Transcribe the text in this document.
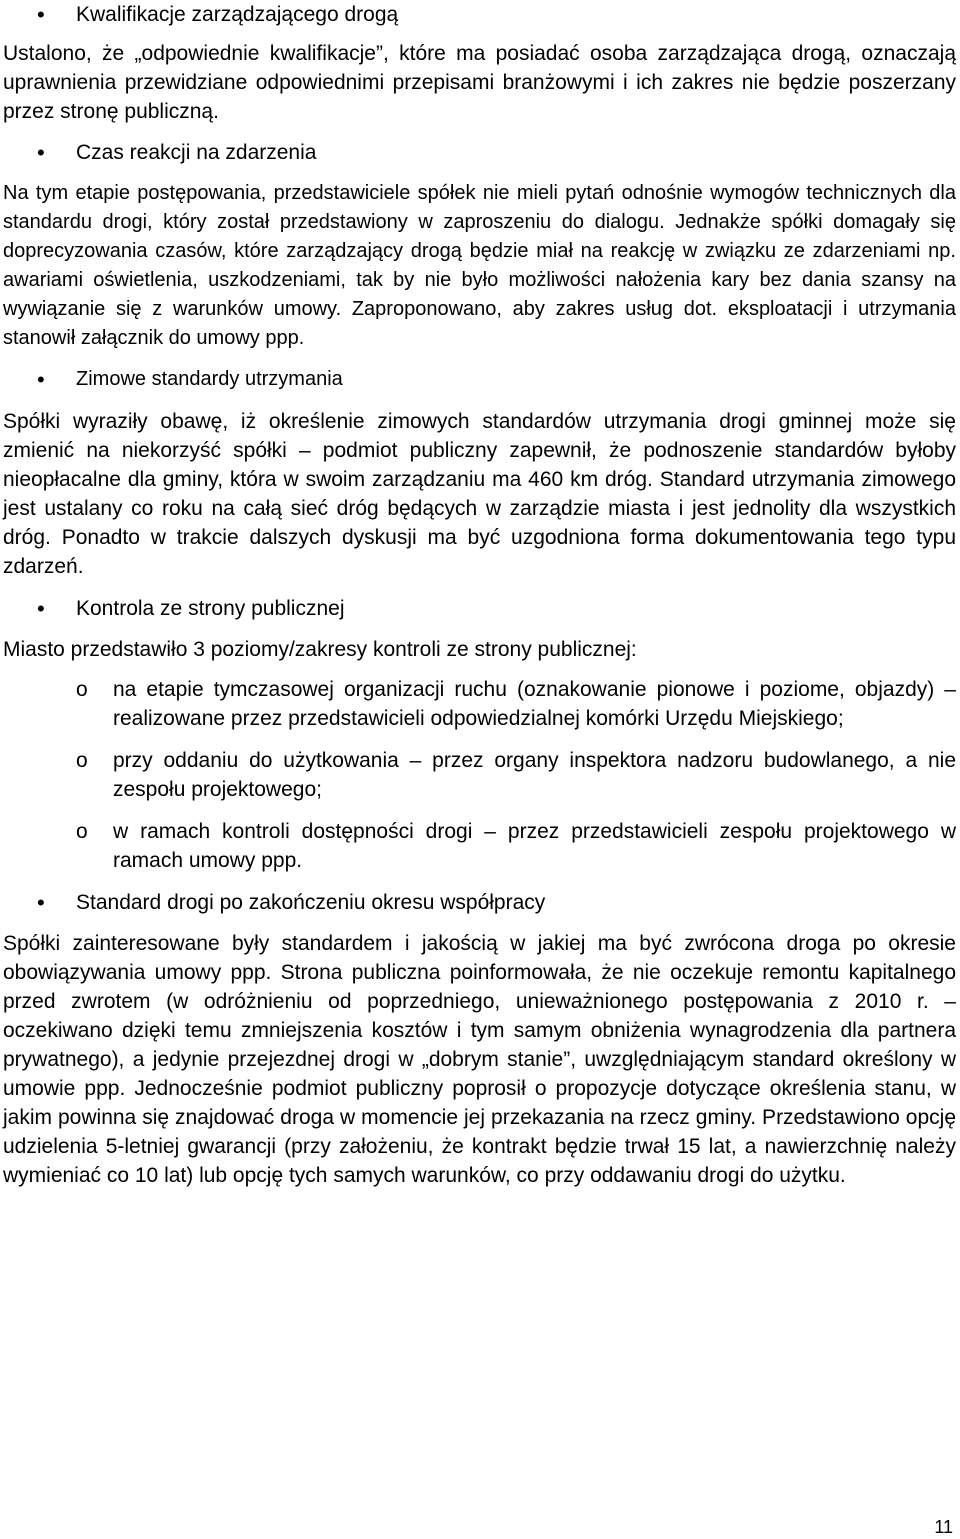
• Kwalifikacje zarządzającego drogą

Ustalono, że „odpowiednie kwalifikacje”, które ma posiadać osoba zarządzająca drogą, oznaczają uprawnienia przewidziane odpowiednimi przepisami branżowymi i ich zakres nie będzie poszerzany przez stronę publiczną.

• Czas reakcji na zdarzenia

Na tym etapie postępowania, przedstawiciele spółek nie mieli pytań odnośnie wymogów technicznych dla standardu drogi, który został przedstawiony w zaproszeniu do dialogu. Jednakże spółki domagały się doprecyzowania czasów, które zarządzający drogą będzie miał na reakcję w związku ze zdarzeniami np. awariami oświetlenia, uszkodzeniami, tak by nie było możliwości nałożenia kary bez dania szansy na wywiązanie się z warunków umowy. Zaproponowano, aby zakres usług dot. eksploatacji i utrzymania stanowił załącznik do umowy ppp.

• Zimowe standardy utrzymania

Spółki wyraziły obawę, iż określenie zimowych standardów utrzymania drogi gminnej może się zmienić na niekorzyść spółki – podmiot publiczny zapewnił, że podnoszenie standardów byłoby nieopłacalne dla gminy, która w swoim zarządzaniu ma 460 km dróg. Standard utrzymania zimowego jest ustalany co roku na całą sieć dróg będących w zarządzie miasta i jest jednolity dla wszystkich dróg. Ponadto w trakcie dalszych dyskusji ma być uzgodniona forma dokumentowania tego typu zdarzeń.

• Kontrola ze strony publicznej

Miasto przedstawiło 3 poziomy/zakresy kontroli ze strony publicznej:

o na etapie tymczasowej organizacji ruchu (oznakowanie pionowe i poziome, objazdy) – realizowane przez przedstawicieli odpowiedzialnej komórki Urzędu Miejskiego;
o przy oddaniu do użytkowania – przez organy inspektora nadzoru budowlanego, a nie zespołu projektowego;
o w ramach kontroli dostępności drogi – przez przedstawicieli zespołu projektowego w ramach umowy ppp.
• Standard drogi po zakończeniu okresu współpracy

Spółki zainteresowane były standardem i jakością w jakiej ma być zwrócona droga po okresie obowiązywania umowy ppp. Strona publiczna poinformowała, że nie oczekuje remontu kapitalnego przed zwrotem (w odróżnieniu od poprzedniego, unieważnionego postępowania z 2010 r. – oczekiwano dzięki temu zmniejszenia kosztów i tym samym obniżenia wynagrodzenia dla partnera prywatnego), a jedynie przejezdnej drogi w „dobrym stanie”, uwzględniającym standard określony w umowie ppp. Jednocześnie podmiot publiczny poprosił o propozycje dotyczące określenia stanu, w jakim powinna się znajdować droga w momencie jej przekazania na rzecz gminy. Przedstawiono opcję udzielenia 5-letniej gwarancji (przy założeniu, że kontrakt będzie trwał 15 lat, a nawierzchnię należy wymieniać co 10 lat) lub opcję tych samych warunków, co przy oddawaniu drogi do użytku.

11
